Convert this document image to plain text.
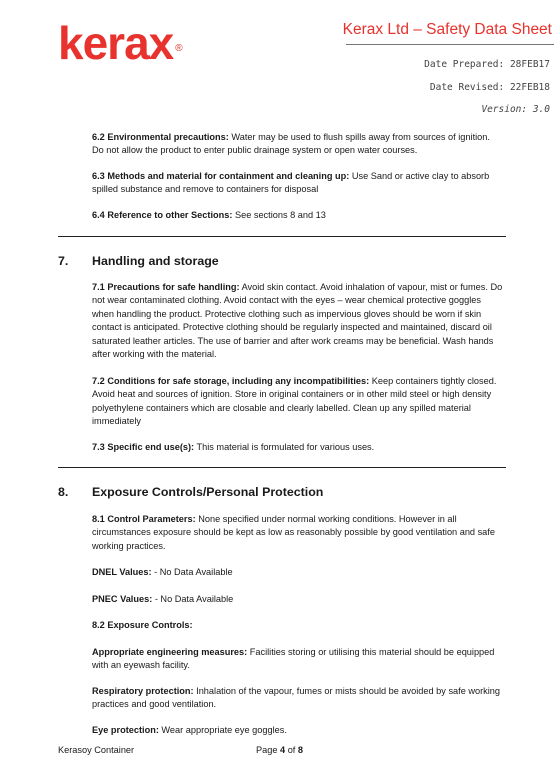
kerax ®
Kerax Ltd – Safety Data Sheet
Date Prepared: 28FEB17
Date Revised: 22FEB18
Version: 3.0
6.2 Environmental precautions: Water may be used to flush spills away from sources of ignition. Do not allow the product to enter public drainage system or open water courses.
6.3 Methods and material for containment and cleaning up: Use Sand or active clay to absorb spilled substance and remove to containers for disposal
6.4 Reference to other Sections: See sections 8 and 13
7. Handling and storage
7.1 Precautions for safe handling: Avoid skin contact. Avoid inhalation of vapour, mist or fumes. Do not wear contaminated clothing. Avoid contact with the eyes – wear chemical protective goggles when handling the product. Protective clothing such as impervious gloves should be worn if skin contact is anticipated. Protective clothing should be regularly inspected and maintained, discard oil saturated leather articles. The use of barrier and after work creams may be beneficial. Wash hands after working with the material.
7.2 Conditions for safe storage, including any incompatibilities: Keep containers tightly closed. Avoid heat and sources of ignition. Store in original containers or in other mild steel or high density polyethylene containers which are closable and clearly labelled. Clean up any spilled material immediately
7.3 Specific end use(s): This material is formulated for various uses.
8. Exposure Controls/Personal Protection
8.1 Control Parameters: None specified under normal working conditions. However in all circumstances exposure should be kept as low as reasonably possible by good ventilation and safe working practices.
DNEL Values: - No Data Available
PNEC Values: - No Data Available
8.2 Exposure Controls:
Appropriate engineering measures: Facilities storing or utilising this material should be equipped with an eyewash facility.
Respiratory protection: Inhalation of the vapour, fumes or mists should be avoided by safe working practices and good ventilation.
Eye protection: Wear appropriate eye goggles.
Kerasoy Container	Page 4 of 8
